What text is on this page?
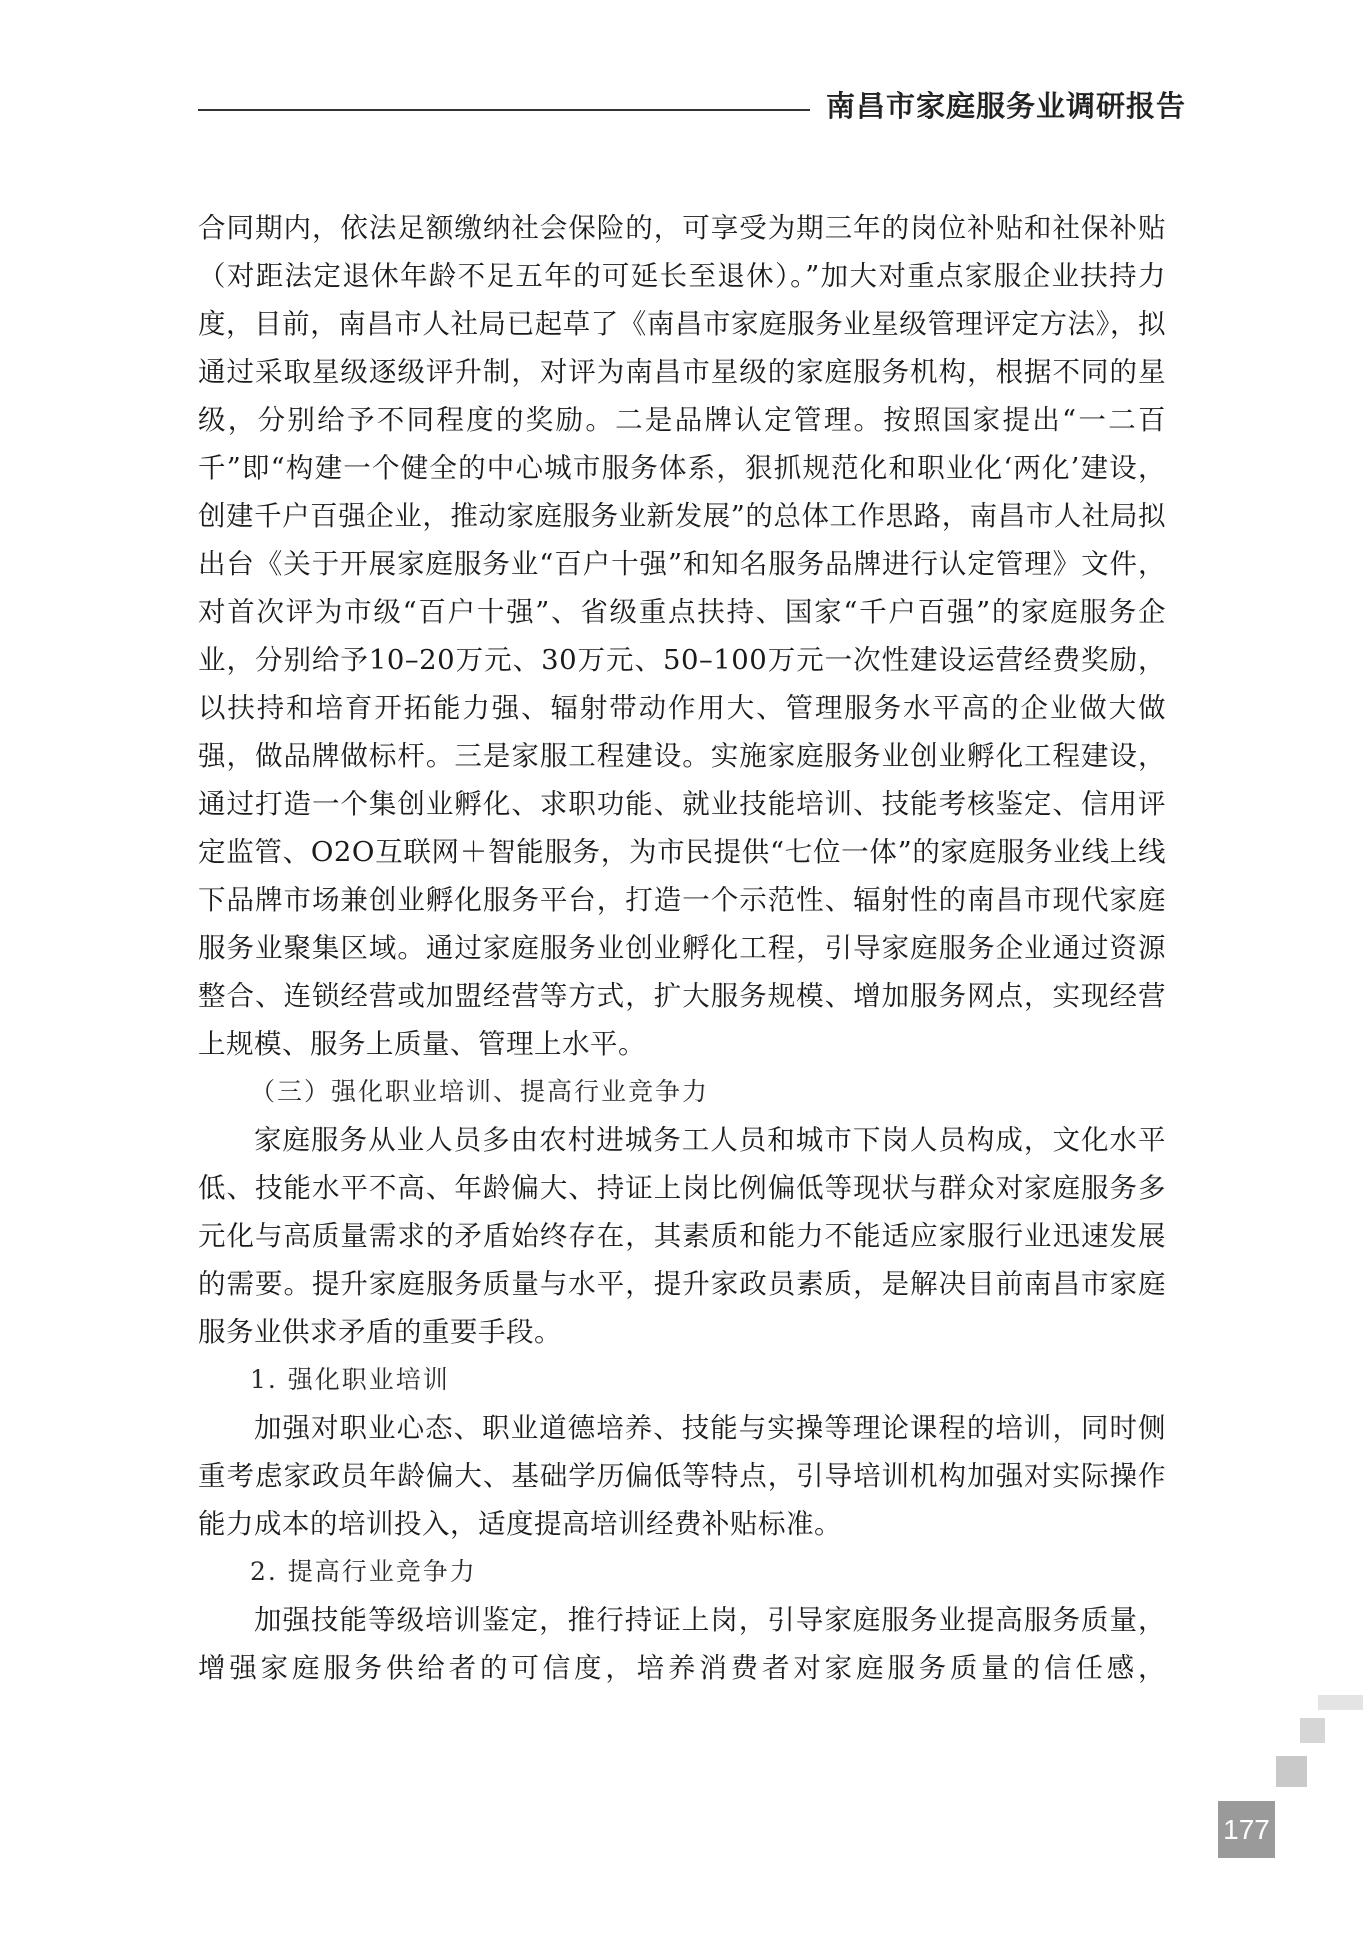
南昌市家庭服务业调研报告

合同期内，依法足额缴纳社会保险的，可享受为期三年的岗位补贴和社保补贴（对距法定退休年龄不足五年的可延长至退休）。”加大对重点家服企业扶持力度，目前，南昌市人社局已起草了《南昌市家庭服务业星级管理评定方法》，拟通过采取星级逐级评升制，对评为南昌市星级的家庭服务机构，根据不同的星级，分别给予不同程度的奖励。二是品牌认定管理。按照国家提出“一二百千”即“构建一个健全的中心城市服务体系，狠抓规范化和职业化‘两化’建设，创建千户百强企业，推动家庭服务业新发展”的总体工作思路，南昌市人社局拟出台《关于开展家庭服务业“百户十强”和知名服务品牌进行认定管理》文件，对首次评为市级“百户十强”、省级重点扶持、国家“千户百强”的家庭服务企业，分别给予10–20万元、30万元、50–100万元一次性建设运营经费奖励，以扶持和培育开拓能力强、辐射带动作用大、管理服务水平高的企业做大做强，做品牌做标杆。三是家服工程建设。实施家庭服务业创业孵化工程建设，通过打造一个集创业孵化、求职功能、就业技能培训、技能考核鉴定、信用评定监管、O2O互联网＋智能服务，为市民提供“七位一体”的家庭服务业线上线下品牌市场兼创业孵化服务平台，打造一个示范性、辐射性的南昌市现代家庭服务业聚集区域。通过家庭服务业创业孵化工程，引导家庭服务企业通过资源整合、连锁经营或加盟经营等方式，扩大服务规模、增加服务网点，实现经营上规模、服务上质量、管理上水平。

（三）强化职业培训、提高行业竞争力

家庭服务从业人员多由农村进城务工人员和城市下岗人员构成，文化水平低、技能水平不高、年龄偏大、持证上岗比例偏低等现状与群众对家庭服务多元化与高质量需求的矛盾始终存在，其素质和能力不能适应家服行业迅速发展的需要。提升家庭服务质量与水平，提升家政员素质，是解决目前南昌市家庭服务业供求矛盾的重要手段。

1. 强化职业培训

加强对职业心态、职业道德培养、技能与实操等理论课程的培训，同时侧重考虑家政员年龄偏大、基础学历偏低等特点，引导培训机构加强对实际操作能力成本的培训投入，适度提高培训经费补贴标准。

2. 提高行业竞争力

加强技能等级培训鉴定，推行持证上岗，引导家庭服务业提高服务质量，增强家庭服务供给者的可信度，培养消费者对家庭服务质量的信任感，

177
